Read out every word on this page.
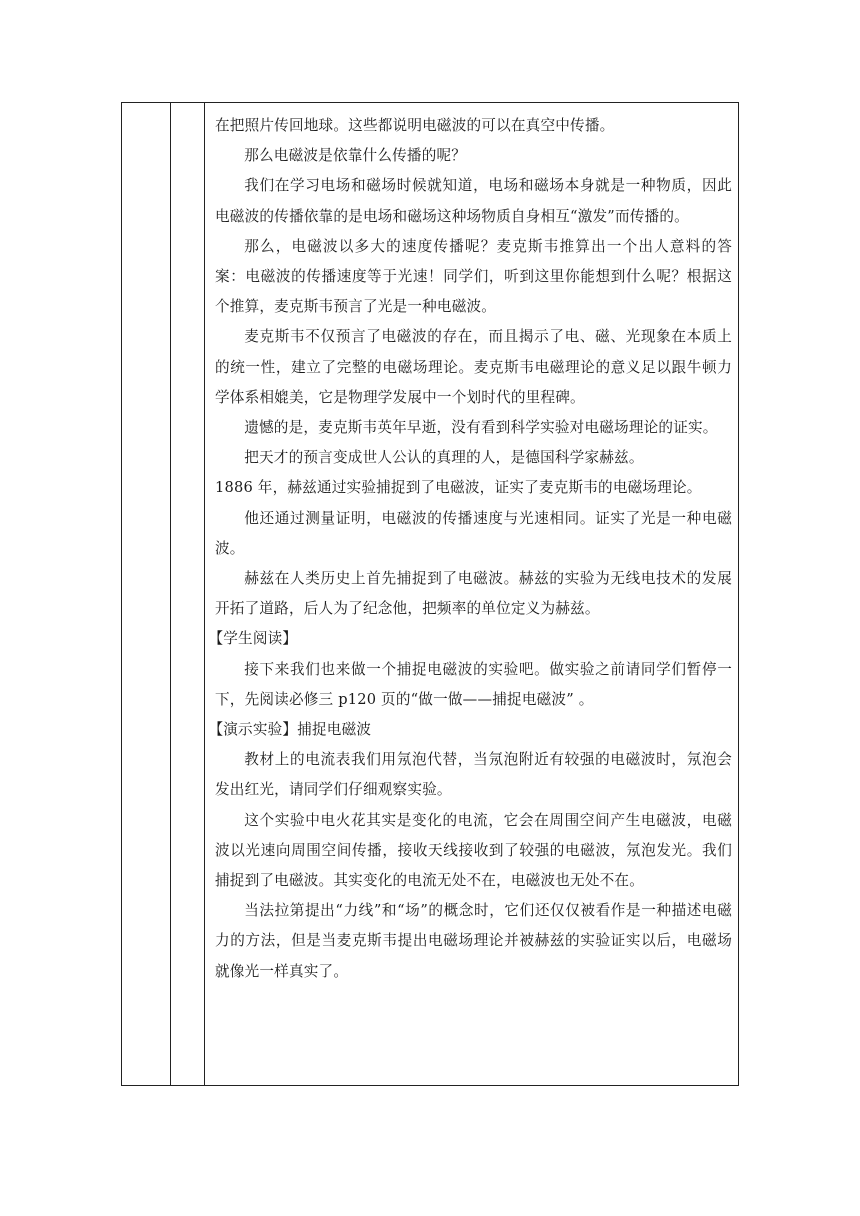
在把照片传回地球。这些都说明电磁波的可以在真空中传播。

那么电磁波是依靠什么传播的呢？

我们在学习电场和磁场时候就知道，电场和磁场本身就是一种物质，因此电磁波的传播依靠的是电场和磁场这种场物质自身相互“激发”而传播的。

那么，电磁波以多大的速度传播呢？麦克斯韦推算出一个出人意料的答案：电磁波的传播速度等于光速！同学们，听到这里你能想到什么呢？根据这个推算，麦克斯韦预言了光是一种电磁波。

麦克斯韦不仅预言了电磁波的存在，而且揭示了电、磁、光现象在本质上的统一性，建立了完整的电磁场理论。麦克斯韦电磁理论的意义足以跟牛顿力学体系相媲美，它是物理学发展中一个划时代的里程碑。

遗憾的是，麦克斯韦英年早逝，没有看到科学实验对电磁场理论的证实。

把天才的预言变成世人公认的真理的人，是德国科学家赫兹。

1886 年，赫兹通过实验捕捉到了电磁波，证实了麦克斯韦的电磁场理论。

他还通过测量证明，电磁波的传播速度与光速相同。证实了光是一种电磁波。

赫兹在人类历史上首先捕捉到了电磁波。赫兹的实验为无线电技术的发展开拓了道路，后人为了纪念他，把频率的单位定义为赫兹。

【学生阅读】

接下来我们也来做一个捕捉电磁波的实验吧。做实验之前请同学们暂停一下，先阅读必修三 p120 页的“做一做——捕捉电磁波” 。

【演示实验】捕捉电磁波

教材上的电流表我们用氖泡代替，当氖泡附近有较强的电磁波时，氖泡会发出红光，请同学们仔细观察实验。

这个实验中电火花其实是变化的电流，它会在周围空间产生电磁波，电磁波以光速向周围空间传播，接收天线接收到了较强的电磁波，氖泡发光。我们捕捉到了电磁波。其实变化的电流无处不在，电磁波也无处不在。

当法拉第提出“力线”和“场”的概念时，它们还仅仅被看作是一种描述电磁力的方法，但是当麦克斯韦提出电磁场理论并被赫兹的实验证实以后，电磁场就像光一样真实了。
